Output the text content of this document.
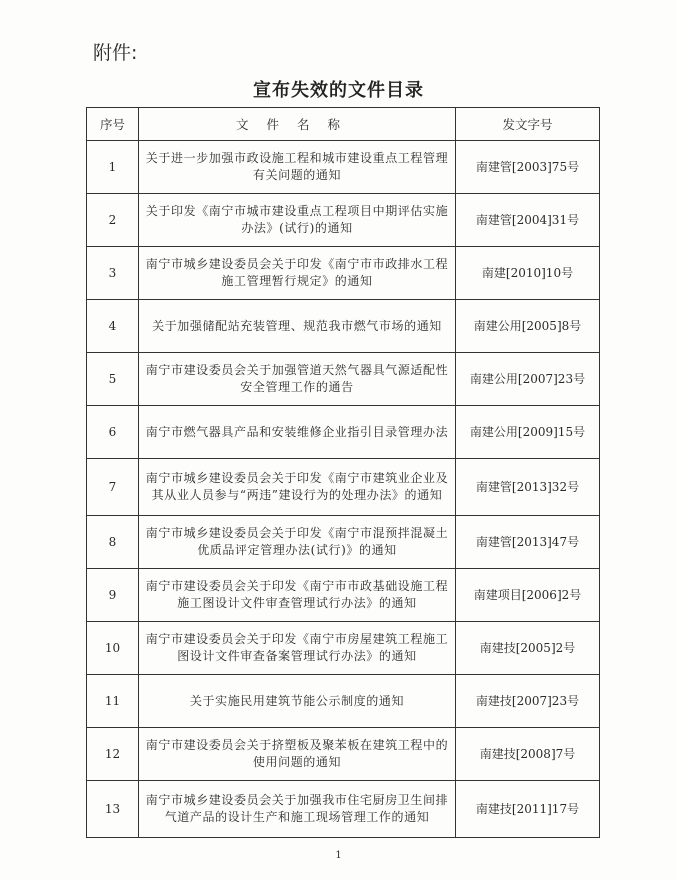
附件:
宣布失效的文件目录
序号	文件名称	发文字号
1	关于进一步加强市政设施工程和城市建设重点工程管理有关问题的通知	南建管[2003]75号
2	关于印发《南宁市城市建设重点工程项目中期评估实施办法》(试行)的通知	南建管[2004]31号
3	南宁市城乡建设委员会关于印发《南宁市市政排水工程施工管理暂行规定》的通知	南建[2010]10号
4	关于加强储配站充装管理、规范我市燃气市场的通知	南建公用[2005]8号
5	南宁市建设委员会关于加强管道天然气器具气源适配性安全管理工作的通告	南建公用[2007]23号
6	南宁市燃气器具产品和安装维修企业指引目录管理办法	南建公用[2009]15号
7	南宁市城乡建设委员会关于印发《南宁市建筑业企业及其从业人员参与“两违”建设行为的处理办法》的通知	南建管[2013]32号
8	南宁市城乡建设委员会关于印发《南宁市混预拌混凝土优质品评定管理办法(试行)》的通知	南建管[2013]47号
9	南宁市建设委员会关于印发《南宁市市政基础设施工程施工图设计文件审查管理试行办法》的通知	南建项目[2006]2号
10	南宁市建设委员会关于印发《南宁市房屋建筑工程施工图设计文件审查备案管理试行办法》的通知	南建技[2005]2号
11	关于实施民用建筑节能公示制度的通知	南建技[2007]23号
12	南宁市建设委员会关于挤塑板及聚苯板在建筑工程中的使用问题的通知	南建技[2008]7号
13	南宁市城乡建设委员会关于加强我市住宅厨房卫生间排气道产品的设计生产和施工现场管理工作的通知	南建技[2011]17号
1
